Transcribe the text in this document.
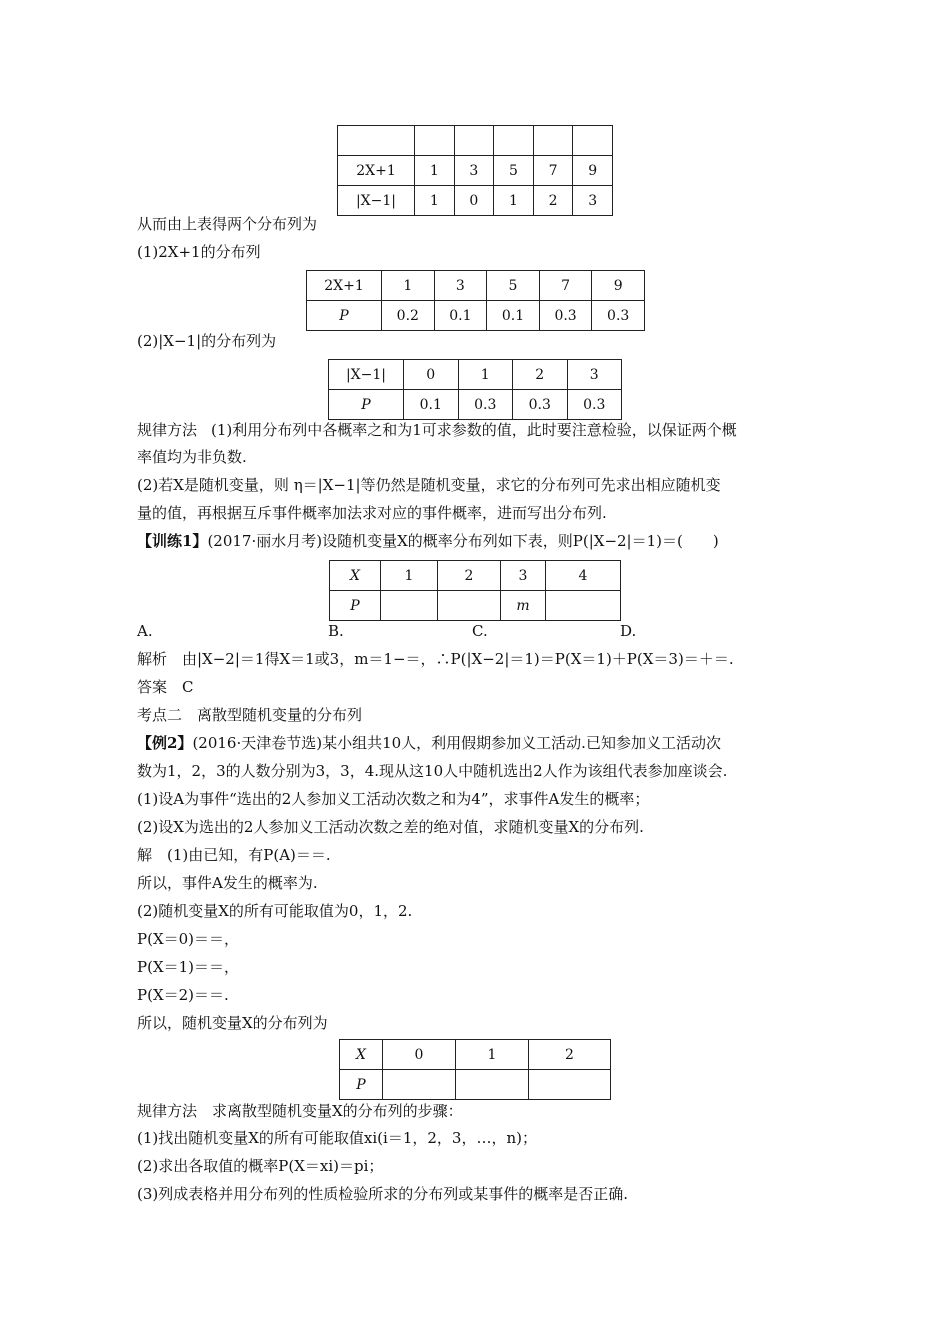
2X+1	1	3	5	7	9
|X−1|	1	0	1	2	3
从而由上表得两个分布列为
(1)2X+1的分布列
2X+1	1	3	5	7	9
P	0.2	0.1	0.1	0.3	0.3
(2)|X−1|的分布列为
|X−1|	0	1	2	3
P	0.1	0.3	0.3	0.3
规律方法 (1)利用分布列中各概率之和为1可求参数的值，此时要注意检验，以保证两个概
率值均为非负数.
(2)若X是随机变量，则 η＝|X−1|等仍然是随机变量，求它的分布列可先求出相应随机变
量的值，再根据互斥事件概率加法求对应的事件概率，进而写出分布列.
【训练1】(2017·丽水月考)设随机变量X的概率分布列如下表，则P(|X−2|＝1)＝(　　)
X	1	2	3	4
P			m	
A.	B.	C.	D.
解析　由|X−2|＝1得X＝1或3，m＝1−＝，∴P(|X−2|＝1)＝P(X＝1)＋P(X＝3)＝＋＝.
答案　C
考点二　离散型随机变量的分布列
【例2】(2016·天津卷节选)某小组共10人，利用假期参加义工活动.已知参加义工活动次
数为1，2，3的人数分别为3，3，4.现从这10人中随机选出2人作为该组代表参加座谈会.
(1)设A为事件“选出的2人参加义工活动次数之和为4”，求事件A发生的概率；
(2)设X为选出的2人参加义工活动次数之差的绝对值，求随机变量X的分布列.
解　(1)由已知，有P(A)＝＝.
所以，事件A发生的概率为.
(2)随机变量X的所有可能取值为0，1，2.
P(X＝0)＝＝，
P(X＝1)＝＝，
P(X＝2)＝＝.
所以，随机变量X的分布列为
X	0	1	2
P			
规律方法　求离散型随机变量X的分布列的步骤：
(1)找出随机变量X的所有可能取值xi(i＝1，2，3，…，n)；
(2)求出各取值的概率P(X＝xi)＝pi；
(3)列成表格并用分布列的性质检验所求的分布列或某事件的概率是否正确.
